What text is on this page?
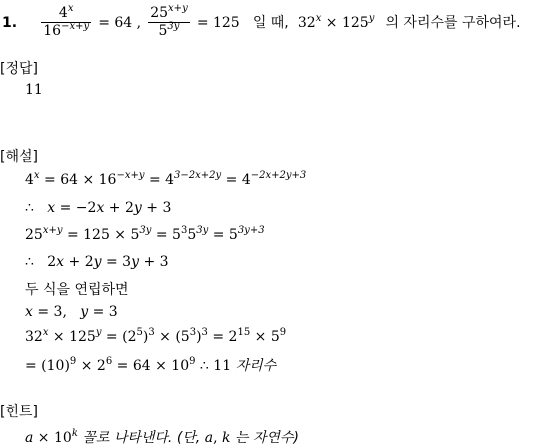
1. $\frac{4^x}{16^{-x+y}} = 64$ , $\frac{25^{x+y}}{5^{3y}} = 125$ 일 때, $32^x \times 125^y$ 의 자리수를 구하여라.
[정답]
11
[해설]
$4^x = 64 \times 16^{-x+y} = 4^{3-2x+2y} = 4^{-2x+2y+3}$
∴   x = −2x + 2y + 3
$25^{x+y} = 125 \times 5^{3y} = 5^35^{3y} = 5^{3y+3}$
∴   2x + 2y = 3y + 3
두 식을 연립하면
x = 3,   y = 3
$32^x \times 125^y = (2^5)^3 \times (5^3)^3 = 2^{15} \times 5^9$
= $(10)^9 \times 2^6 = 64 \times 10^9$ ∴ 11 자리수
[힌트]
$a \times 10^k$ 꼴로 나타낸다. (단, a, k 는 자연수)
